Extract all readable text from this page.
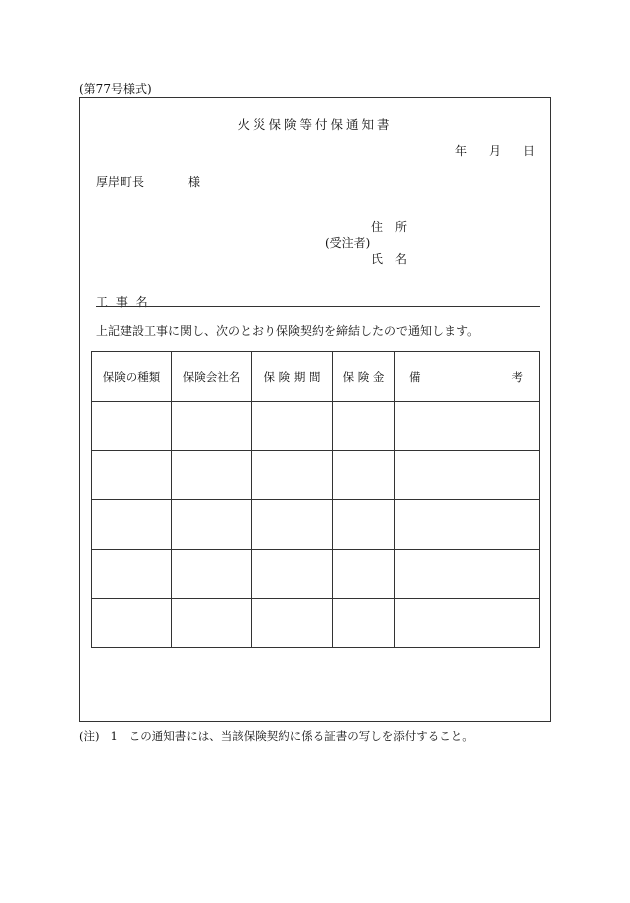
(第77号様式)
火災保険等付保通知書
年 月 日
厚岸町長	様
住　所
(受注者)
氏　名
工 事 名
上記建設工事に関し、次のとおり保険契約を締結したので通知します。
保険の種類	保険会社名	保 険 期 間	保 険 金	備 考

(注) 1 この通知書には、当該保険契約に係る証書の写しを添付すること。
